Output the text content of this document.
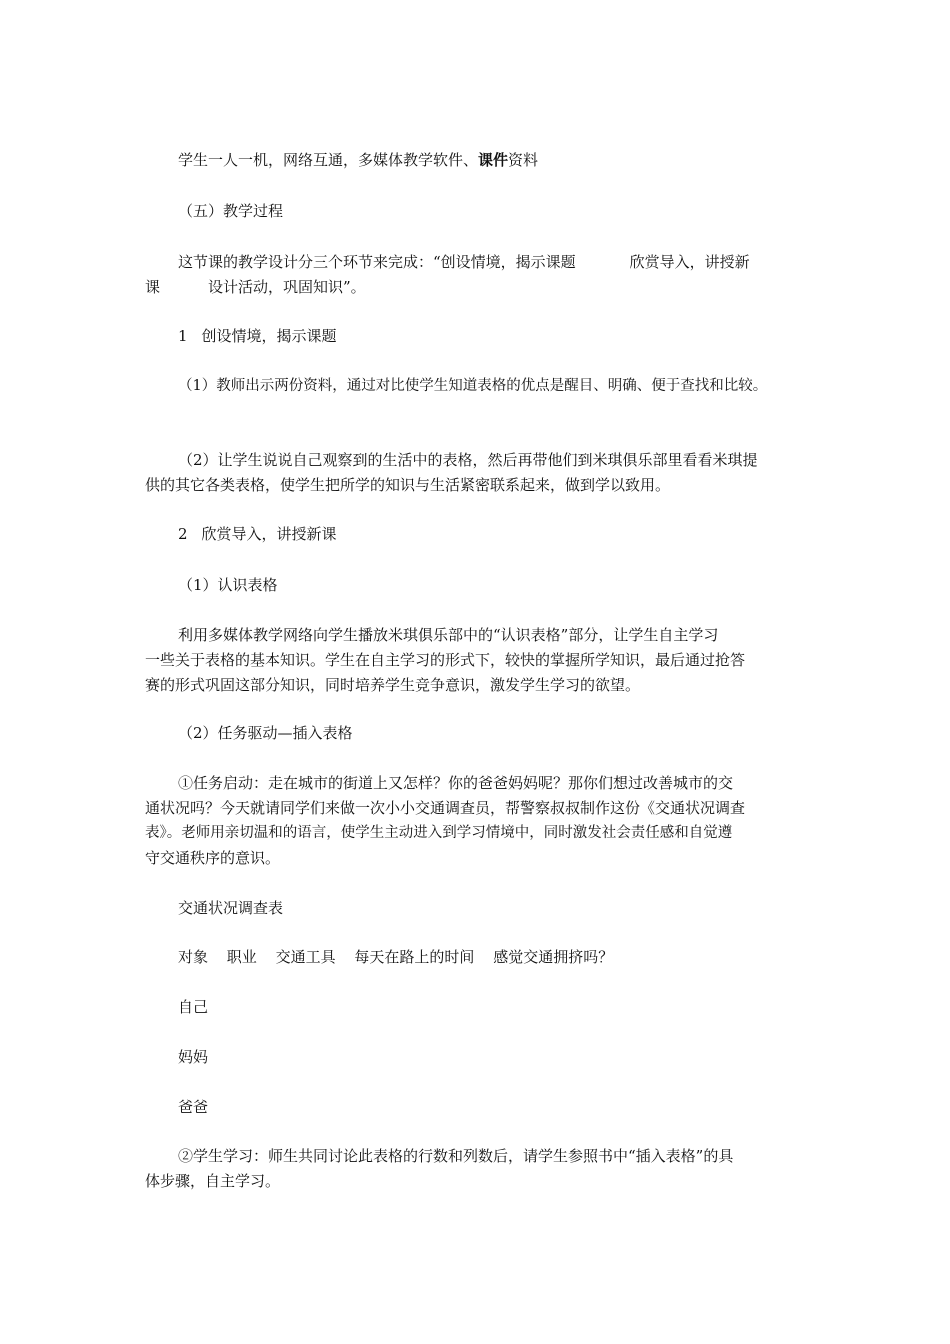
学生一人一机，网络互通，多媒体教学软件、课件资料
（五）教学过程
这节课的教学设计分三个环节来完成：“创设情境，揭示课题	欣赏导入，讲授新
课	设计活动，巩固知识”。
1 创设情境，揭示课题
（1）教师出示两份资料，通过对比使学生知道表格的优点是醒目、明确、便于查找和比较。
（2）让学生说说自己观察到的生活中的表格，然后再带他们到米琪俱乐部里看看米琪提
供的其它各类表格，使学生把所学的知识与生活紧密联系起来，做到学以致用。
2 欣赏导入，讲授新课
（1）认识表格
利用多媒体教学网络向学生播放米琪俱乐部中的“认识表格”部分，让学生自主学习
一些关于表格的基本知识。学生在自主学习的形式下，较快的掌握所学知识，最后通过抢答
赛的形式巩固这部分知识，同时培养学生竞争意识，激发学生学习的欲望。
（2）任务驱动—插入表格
①任务启动：走在城市的街道上又怎样？你的爸爸妈妈呢？那你们想过改善城市的交
通状况吗？今天就请同学们来做一次小小交通调查员，帮警察叔叔制作这份《交通状况调查
表》。老师用亲切温和的语言，使学生主动进入到学习情境中，同时激发社会责任感和自觉遵
守交通秩序的意识。
交通状况调查表
对象 职业 交通工具 每天在路上的时间 感觉交通拥挤吗？
自己
妈妈
爸爸
②学生学习：师生共同讨论此表格的行数和列数后，请学生参照书中“插入表格”的具
体步骤，自主学习。
